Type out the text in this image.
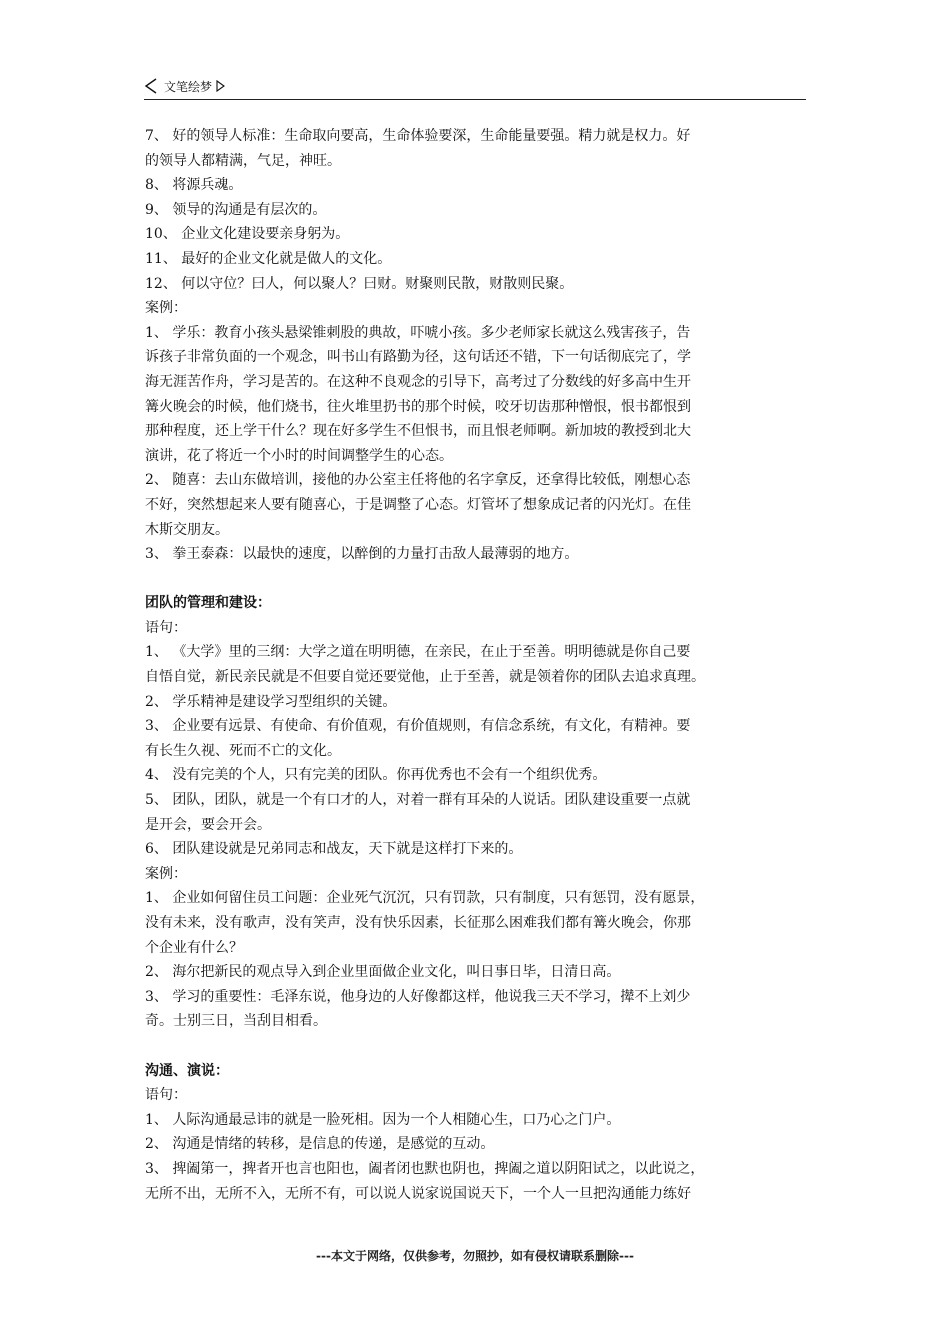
文笔绘梦
7、 好的领导人标准：生命取向要高，生命体验要深，生命能量要强。精力就是权力。好
的领导人都精满，气足，神旺。
8、 将源兵魂。
9、 领导的沟通是有层次的。
10、 企业文化建设要亲身躬为。
11、 最好的企业文化就是做人的文化。
12、 何以守位？曰人，何以聚人？曰财。财聚则民散，财散则民聚。
案例：
1、 学乐：教育小孩头悬梁锥刺股的典故，吓唬小孩。多少老师家长就这么残害孩子，告
诉孩子非常负面的一个观念，叫书山有路勤为径，这句话还不错，下一句话彻底完了，学
海无涯苦作舟，学习是苦的。在这种不良观念的引导下，高考过了分数线的好多高中生开
篝火晚会的时候，他们烧书，往火堆里扔书的那个时候，咬牙切齿那种憎恨，恨书都恨到
那种程度，还上学干什么？现在好多学生不但恨书，而且恨老师啊。新加坡的教授到北大
演讲，花了将近一个小时的时间调整学生的心态。
2、 随喜：去山东做培训，接他的办公室主任将他的名字拿反，还拿得比较低，刚想心态
不好，突然想起来人要有随喜心，于是调整了心态。灯管坏了想象成记者的闪光灯。在佳
木斯交朋友。
3、 拳王泰森：以最快的速度，以醉倒的力量打击敌人最薄弱的地方。
团队的管理和建设：
语句：
1、 《大学》里的三纲：大学之道在明明德，在亲民，在止于至善。明明德就是你自己要
自悟自觉，新民亲民就是不但要自觉还要觉他，止于至善，就是领着你的团队去追求真理。
2、 学乐精神是建设学习型组织的关键。
3、 企业要有远景、有使命、有价值观，有价值规则，有信念系统，有文化，有精神。要
有长生久视、死而不亡的文化。
4、 没有完美的个人，只有完美的团队。你再优秀也不会有一个组织优秀。
5、 团队，团队，就是一个有口才的人，对着一群有耳朵的人说话。团队建设重要一点就
是开会，要会开会。
6、 团队建设就是兄弟同志和战友，天下就是这样打下来的。
案例：
1、 企业如何留住员工问题：企业死气沉沉，只有罚款，只有制度，只有惩罚，没有愿景，
没有未来，没有歌声，没有笑声，没有快乐因素，长征那么困难我们都有篝火晚会，你那
个企业有什么？
2、 海尔把新民的观点导入到企业里面做企业文化，叫日事日毕，日清日高。
3、 学习的重要性：毛泽东说，他身边的人好像都这样，他说我三天不学习，撵不上刘少
奇。士别三日，当刮目相看。
沟通、演说：
语句：
1、 人际沟通最忌讳的就是一脸死相。因为一个人相随心生，口乃心之门户。
2、 沟通是情绪的转移，是信息的传递，是感觉的互动。
3、 捭阖第一，捭者开也言也阳也，阖者闭也默也阴也，捭阖之道以阴阳试之，以此说之，
无所不出，无所不入，无所不有，可以说人说家说国说天下，一个人一旦把沟通能力练好
---本文于网络，仅供参考，勿照抄，如有侵权请联系删除---
